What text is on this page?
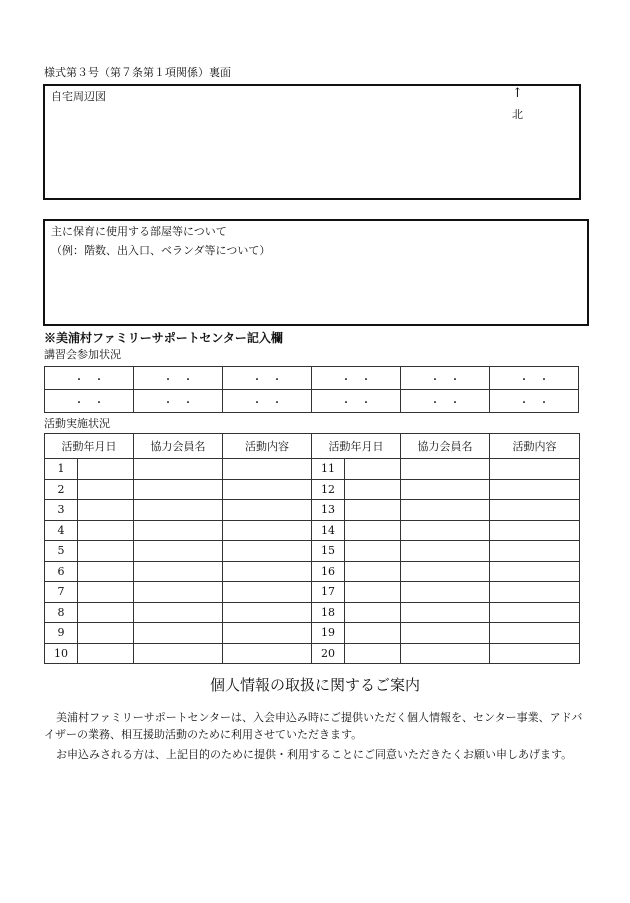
様式第３号（第７条第１項関係）裏面
自宅周辺図	↑
北
主に保育に使用する部屋等について
（例：階数、出入口、ベランダ等について）
※美浦村ファミリーサポートセンター記入欄
講習会参加状況
・　・	・　・	・　・	・　・	・　・	・　・
・　・	・　・	・　・	・　・	・　・	・　・
活動実施状況
活動年月日		協力会員名	活動内容	活動年月日		協力会員名	活動内容
1				11			
2				12			
3				13			
4				14			
5				15			
6				16			
7				17			
8				18			
9				19			
10				20			
個人情報の取扱に関するご案内
美浦村ファミリーサポートセンターは、入会申込み時にご提供いただく個人情報を、センター事業、アドバ
イザーの業務、相互援助活動のために利用させていただきます。
お申込みされる方は、上記目的のために提供・利用することにご同意いただきたくお願い申しあげます。
